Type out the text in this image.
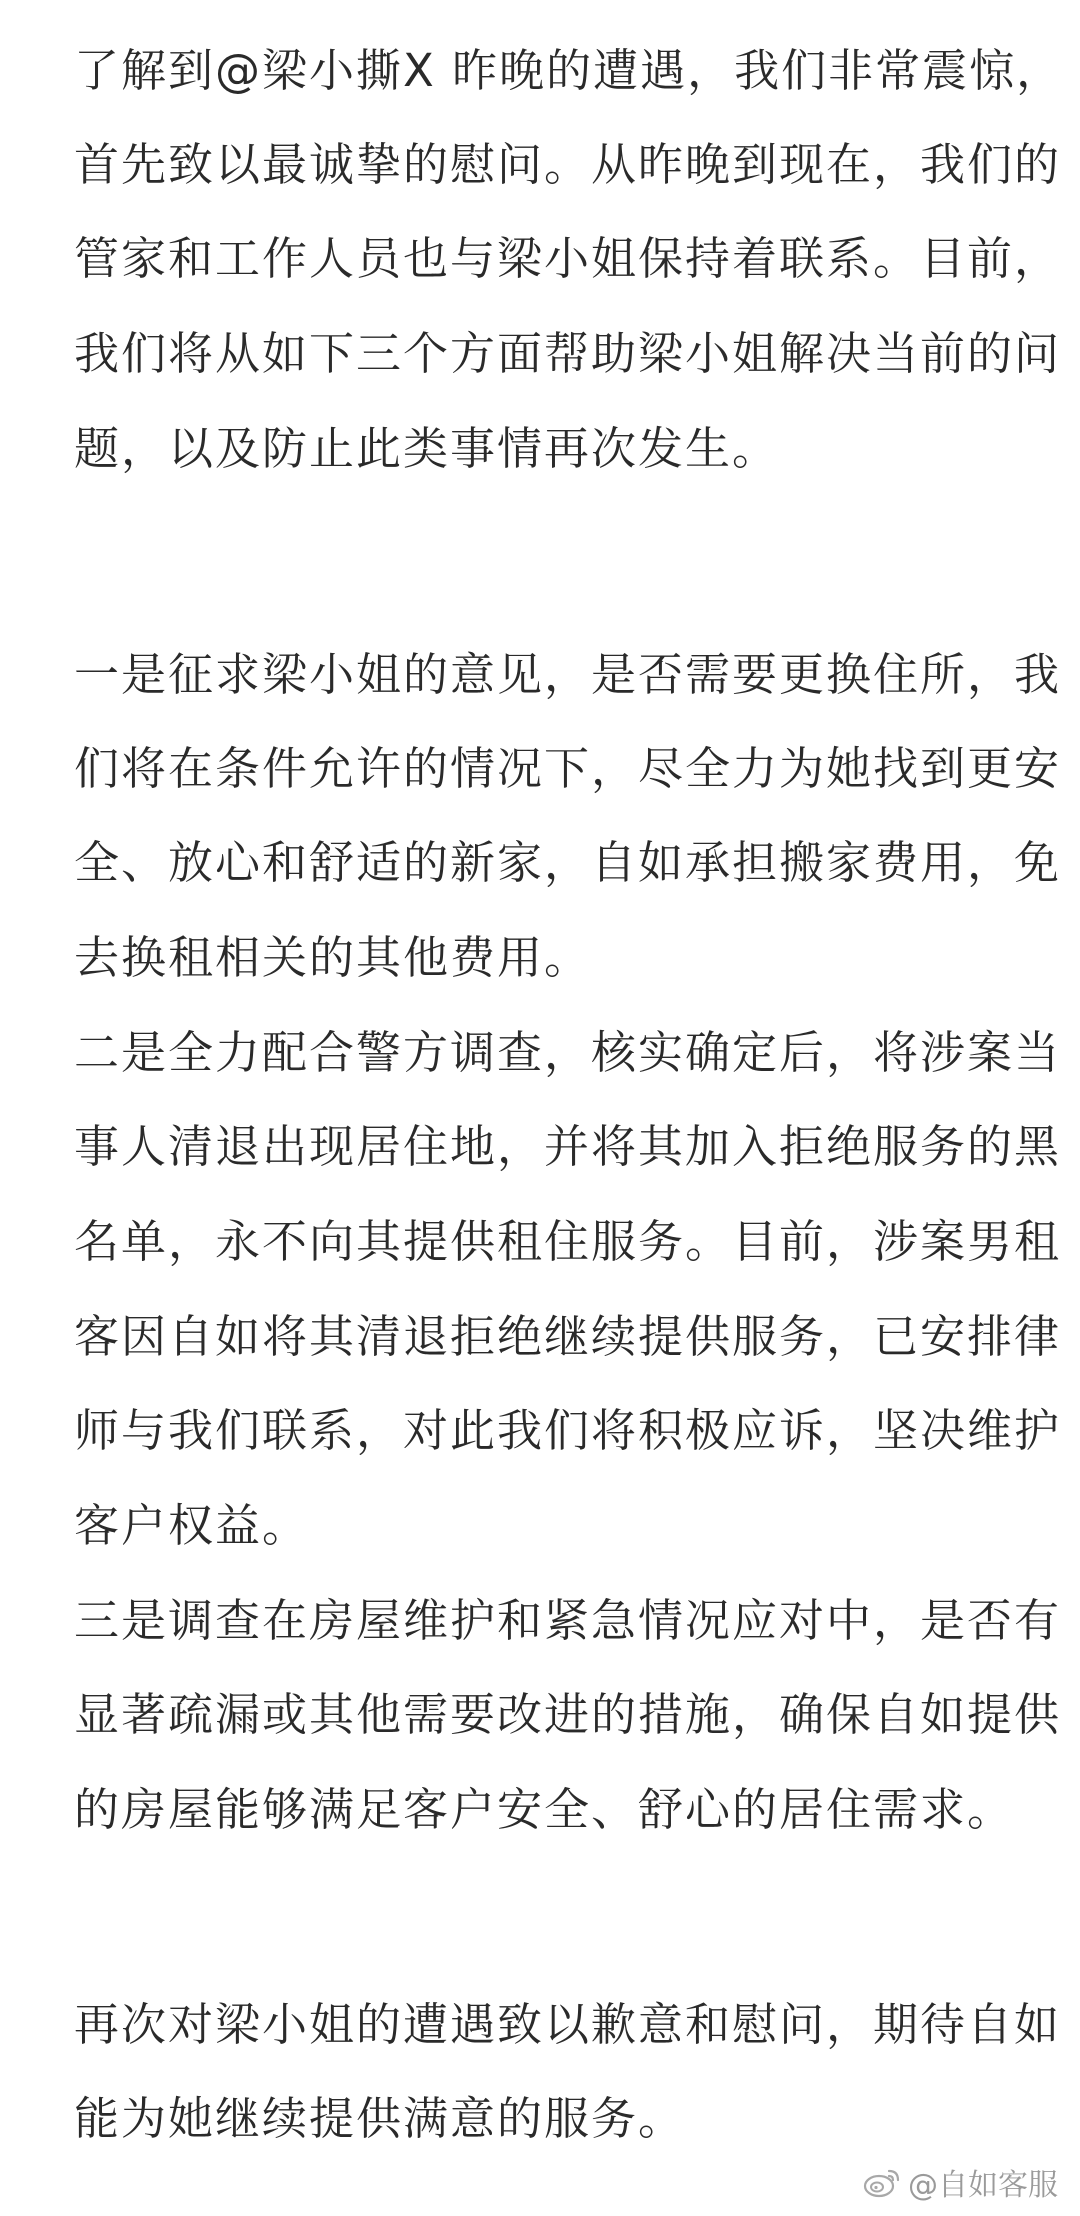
了解到@梁小撕X 昨晚的遭遇，我们非常震惊，
首先致以最诚挚的慰问。从昨晚到现在，我们的
管家和工作人员也与梁小姐保持着联系。目前，
我们将从如下三个方面帮助梁小姐解决当前的问
题，以及防止此类事情再次发生。
一是征求梁小姐的意见，是否需要更换住所，我
们将在条件允许的情况下，尽全力为她找到更安
全、放心和舒适的新家，自如承担搬家费用，免
去换租相关的其他费用。
二是全力配合警方调查，核实确定后，将涉案当
事人清退出现居住地，并将其加入拒绝服务的黑
名单，永不向其提供租住服务。目前，涉案男租
客因自如将其清退拒绝继续提供服务，已安排律
师与我们联系，对此我们将积极应诉，坚决维护
客户权益。
三是调查在房屋维护和紧急情况应对中，是否有
显著疏漏或其他需要改进的措施，确保自如提供
的房屋能够满足客户安全、舒心的居住需求。
再次对梁小姐的遭遇致以歉意和慰问，期待自如
能为她继续提供满意的服务。
@自如客服
